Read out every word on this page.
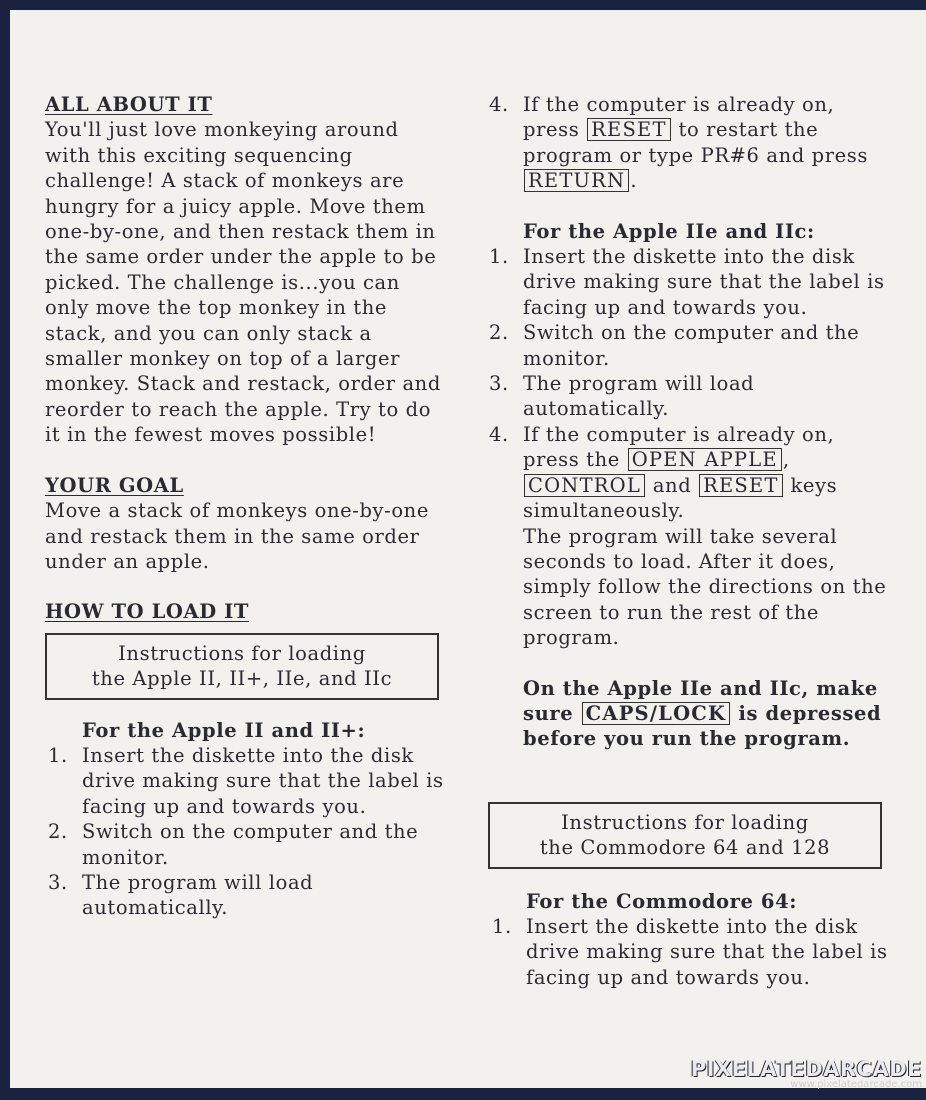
ALL ABOUT IT
You'll just love monkeying around with this exciting sequencing challenge! A stack of monkeys are hungry for a juicy apple. Move them one-by-one, and then restack them in the same order under the apple to be picked. The challenge is...you can only move the top monkey in the stack, and you can only stack a smaller monkey on top of a larger monkey. Stack and restack, order and reorder to reach the apple. Try to do it in the fewest moves possible!
YOUR GOAL
Move a stack of monkeys one-by-one and restack them in the same order under an apple.
HOW TO LOAD IT
Instructions for loading
the Apple II, II+, IIe, and IIc
For the Apple II and II+:
1. Insert the diskette into the disk drive making sure that the label is facing up and towards you.
2. Switch on the computer and the monitor.
3. The program will load automatically.
4. If the computer is already on, press RESET to restart the program or type PR#6 and press RETURN .
For the Apple IIe and IIc:
1. Insert the diskette into the disk drive making sure that the label is facing up and towards you.
2. Switch on the computer and the monitor.
3. The program will load automatically.
4. If the computer is already on, press the OPEN APPLE , CONTROL and RESET keys simultaneously.
The program will take several seconds to load. After it does, simply follow the directions on the screen to run the rest of the program.
On the Apple IIe and IIc, make sure CAPS/LOCK is depressed before you run the program.
Instructions for loading
the Commodore 64 and 128
For the Commodore 64:
1. Insert the diskette into the disk drive making sure that the label is facing up and towards you.
PIXELATEDARCADE
www.pixelatedarcade.com
